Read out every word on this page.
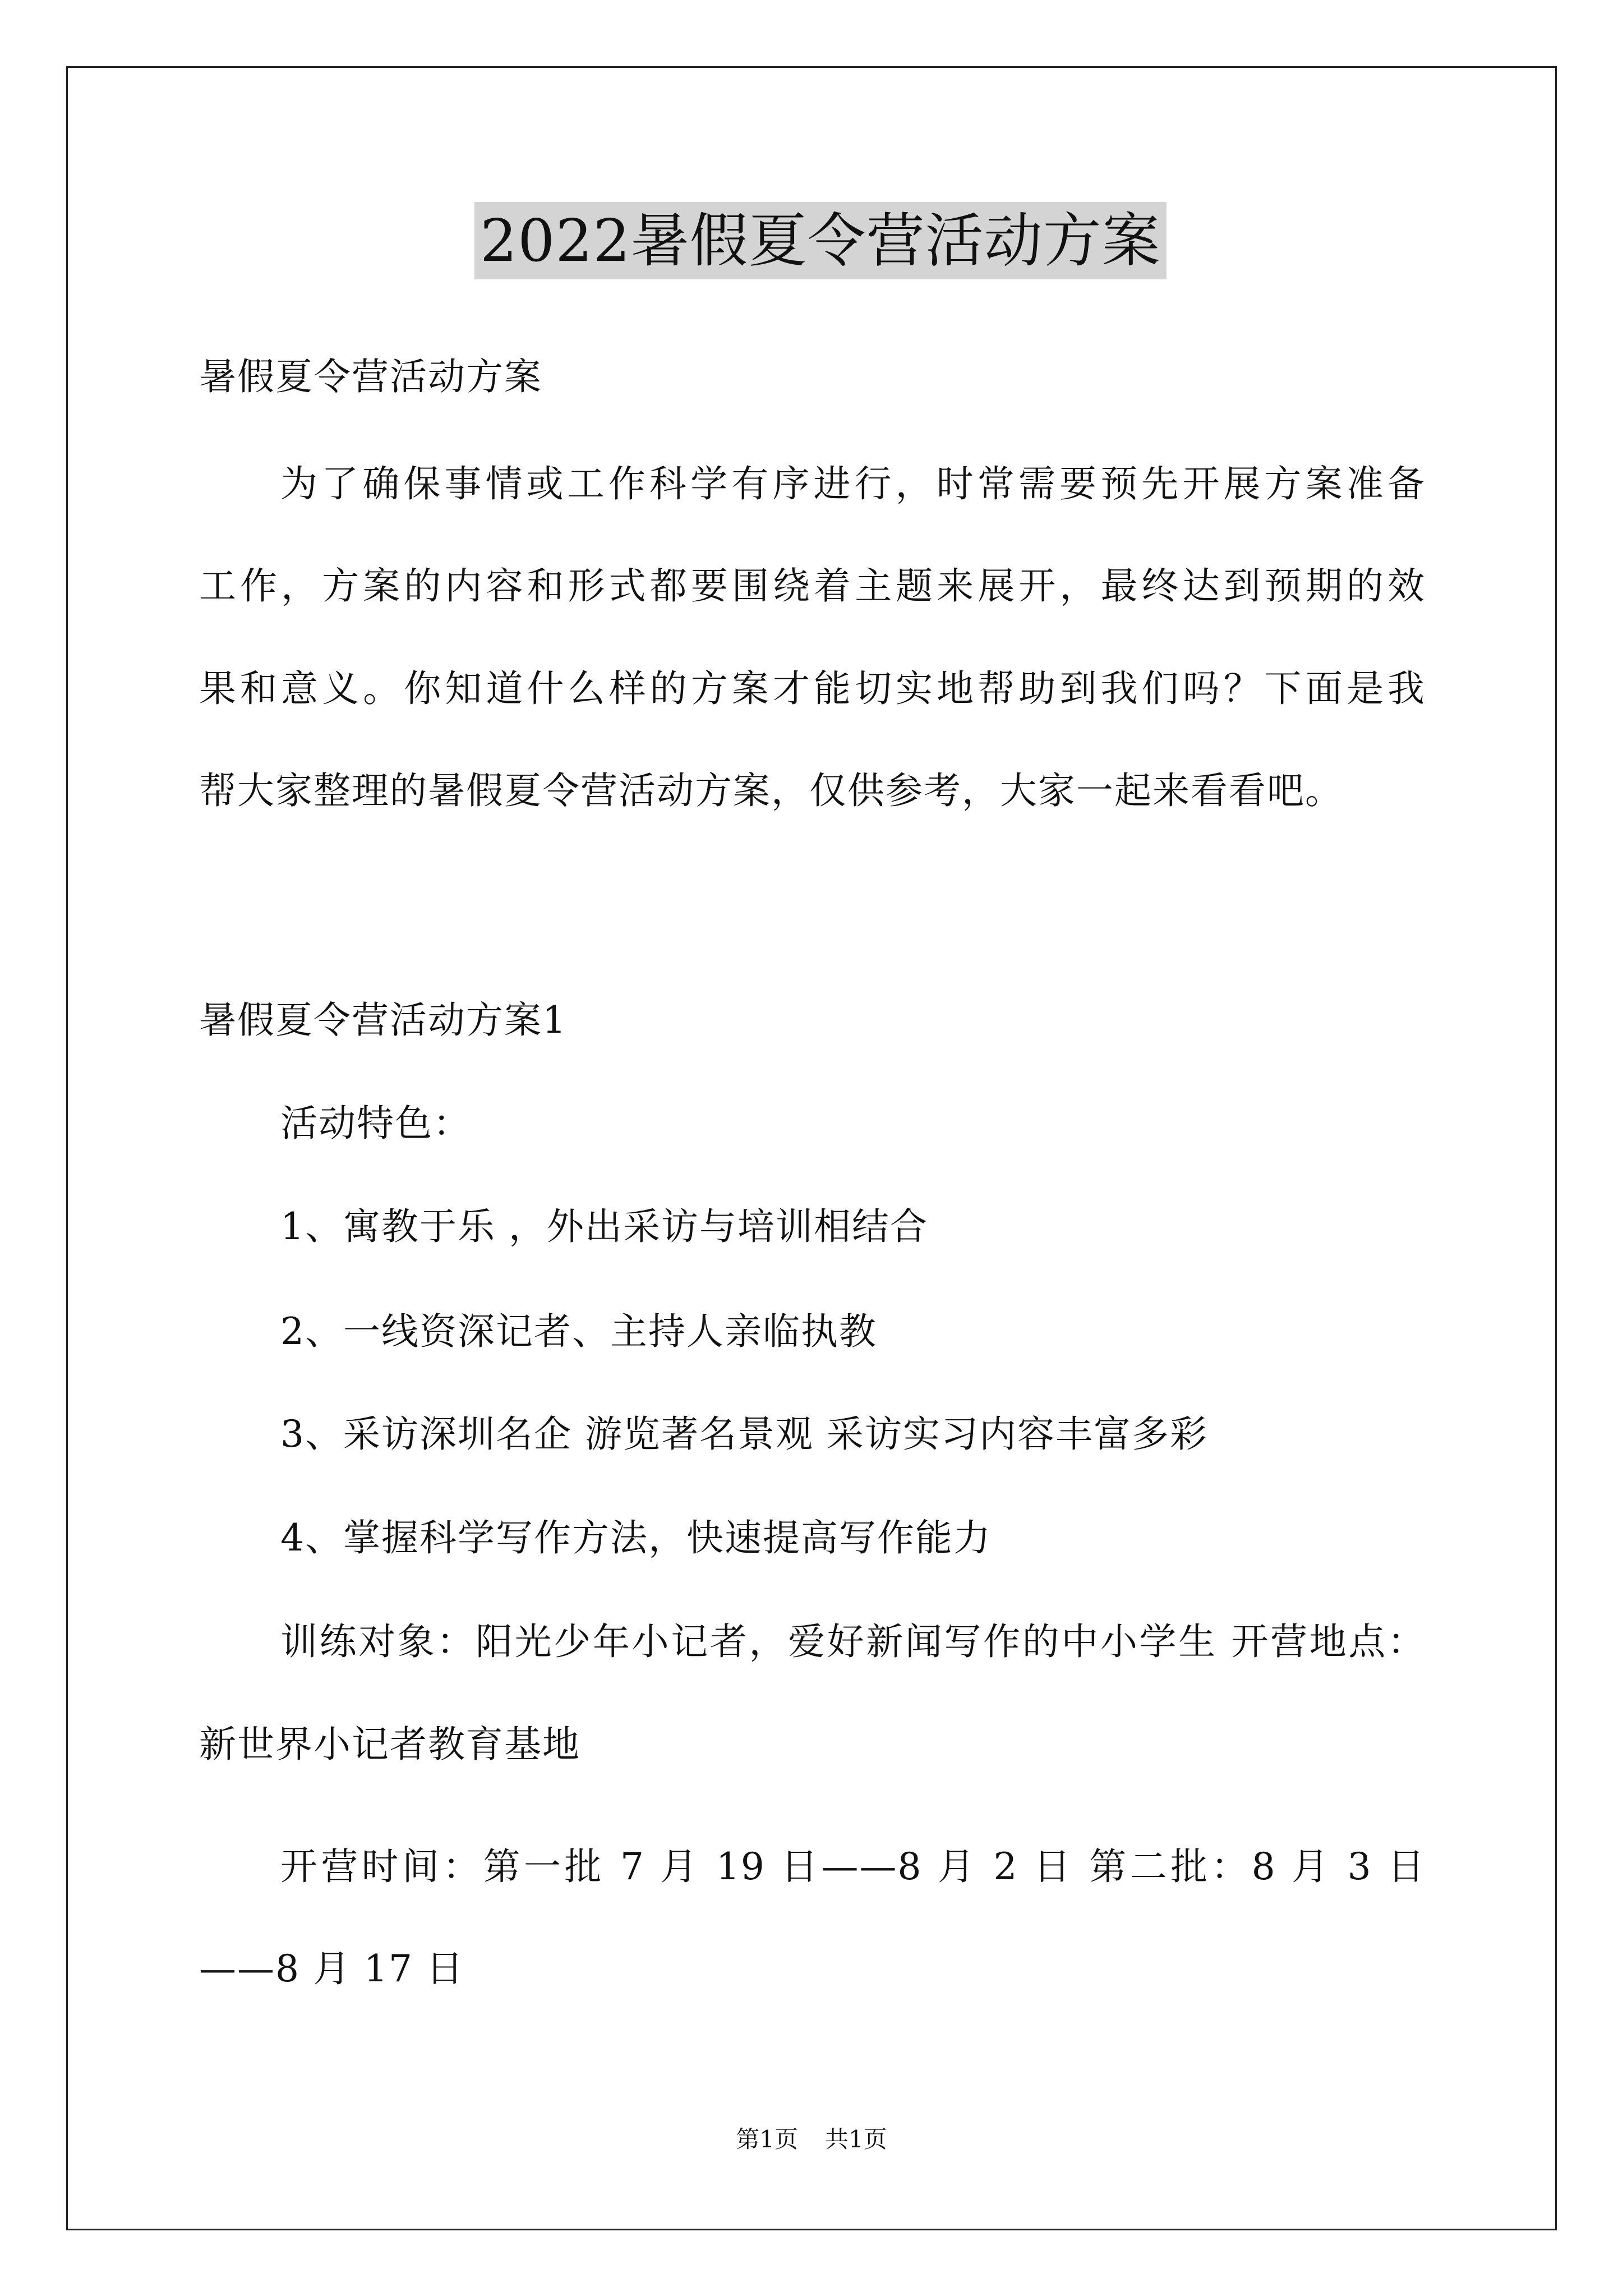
2022暑假夏令营活动方案
暑假夏令营活动方案
为了确保事情或工作科学有序进行，时常需要预先开展方案准备
工作，方案的内容和形式都要围绕着主题来展开，最终达到预期的效
果和意义。你知道什么样的方案才能切实地帮助到我们吗？下面是我
帮大家整理的暑假夏令营活动方案，仅供参考，大家一起来看看吧。
暑假夏令营活动方案1
活动特色：
1、寓教于乐 ，外出采访与培训相结合
2、一线资深记者、主持人亲临执教
3、采访深圳名企 游览著名景观 采访实习内容丰富多彩
4、掌握科学写作方法，快速提高写作能力
训练对象：阳光少年小记者，爱好新闻写作的中小学生 开营地点：
新世界小记者教育基地
开营时间：第一批 7 月 19 日——8 月 2 日 第二批：8 月 3 日
——8 月 17 日
第1页 共1页
